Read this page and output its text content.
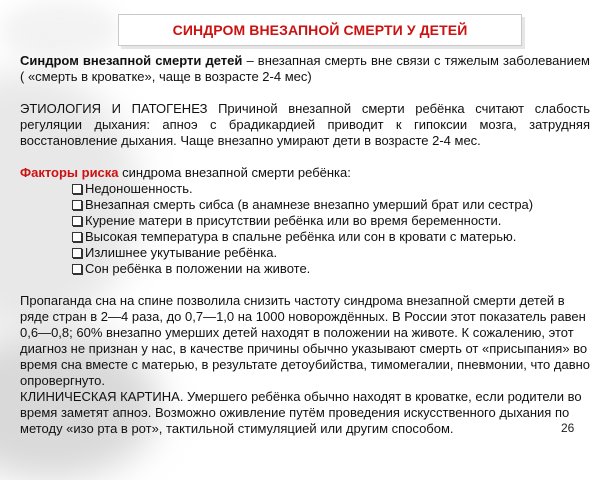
СИНДРОМ ВНЕЗАПНОЙ СМЕРТИ У ДЕТЕЙ

Синдром внезапной смерти детей – внезапная смерть вне связи с тяжелым заболеванием ( «смерть в кроватке», чаще в возрасте 2-4 мес)

ЭТИОЛОГИЯ И ПАТОГЕНЕЗ Причиной внезапной смерти ребёнка считают слабость регуляции дыхания: апноэ с брадикардией приводит к гипоксии мозга, затрудняя восстановление дыхания. Чаще внезапно умирают дети в возрасте 2-4 мес.

Факторы риска синдрома внезапной смерти ребёнка:

Недоношенность.
Внезапная смерть сибса (в анамнезе внезапно умерший брат или сестра)
Курение матери в присутствии ребёнка или во время беременности.
Высокая температура в спальне ребёнка или сон в кровати с матерью.
Излишнее укутывание ребёнка.
Сон ребёнка в положении на животе.

Пропаганда сна на спине позволила снизить частоту синдрома внезапной смерти детей в ряде стран в 2—4 раза, до 0,7—1,0 на 1000 новорождённых. В России этот показатель равен 0,6—0,8; 60% внезапно умерших детей находят в положении на животе. К сожалению, этот диагноз не признан у нас, в качестве причины обычно указывают смерть от «присыпания» во время сна вместе с матерью, в результате детоубийства, тимомегалии, пневмонии, что давно опровергнуто.

КЛИНИЧЕСКАЯ КАРТИНА. Умершего ребёнка обычно находят в кроватке, если родители во время заметят апноэ. Возможно оживление путём проведения искусственного дыхания по методу «изо рта в рот», тактильной стимуляцией или другим способом.	26
